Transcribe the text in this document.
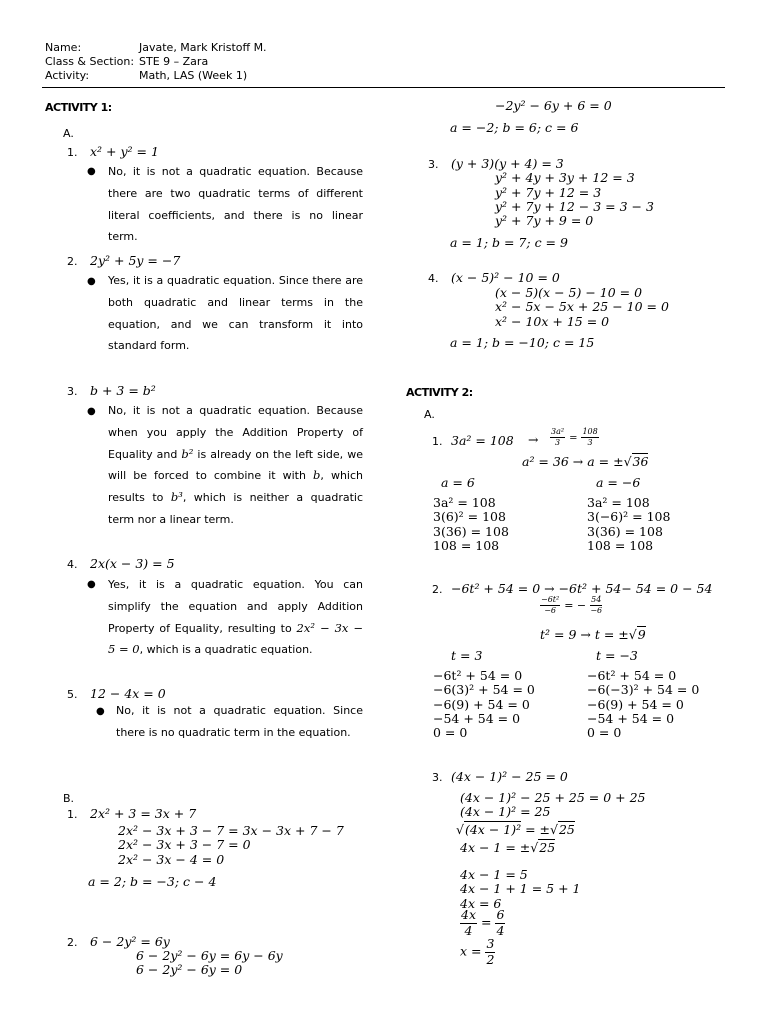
Name:	Javate, Mark Kristoff M.
Class & Section: STE 9 – Zara
Activity:	Math, LAS (Week 1)
ACTIVITY 1:
A.
1. x² + y² = 1
● No, it is not a quadratic equation. Because there are two quadratic terms of different literal coefficients, and there is no linear term.
2. 2y² + 5y = −7
● Yes, it is a quadratic equation. Since there are both quadratic and linear terms in the equation, and we can transform it into standard form.
3. b + 3 = b²
● No, it is not a quadratic equation. Because when you apply the Addition Property of Equality and b² is already on the left side, we will be forced to combine it with b, which results to b³, which is neither a quadratic term nor a linear term.
4. 2x(x − 3) = 5
● Yes, it is a quadratic equation. You can simplify the equation and apply Addition Property of Equality, resulting to 2x² − 3x − 5 = 0, which is a quadratic equation.
5. 12 − 4x = 0
● No, it is not a quadratic equation. Since there is no quadratic term in the equation.
B.
1. 2x² + 3 = 3x + 7
2x² − 3x + 3 − 7 = 3x − 3x + 7 − 7
2x² − 3x + 3 − 7 = 0
2x² − 3x − 4 = 0
a = 2; b = −3; c − 4
2. 6 − 2y² = 6y
6 − 2y² − 6y = 6y − 6y
6 − 2y² − 6y = 0
−2y² − 6y + 6 = 0
a = −2; b = 6; c = 6
3. (y + 3)(y + 4) = 3
y² + 4y + 3y + 12 = 3
y² + 7y + 12 = 3
y² + 7y + 12 − 3 = 3 − 3
y² + 7y + 9 = 0
a = 1; b = 7; c = 9
4. (x − 5)² − 10 = 0
(x − 5)(x − 5) − 10 = 0
x² − 5x − 5x + 25 − 10 = 0
x² − 10x + 15 = 0
a = 1; b = −10; c = 15
ACTIVITY 2:
A.
1. $3a^2 = 108 \to \frac{\text{3a²}}{3} = \frac{108}{3}$
a² = 36 → a = ±√36
a = 6	a = −6
3a² = 108
3(6)² = 108
3(36) = 108
108 = 108
3a² = 108
3(−6)² = 108
3(36) = 108
108 = 108
2. −6t² + 54 = 0 → −6t² + 54− 54 = 0 − 54
$\frac{\text{−6t²}}{-6}$ = − $\frac{54}{-6}$
t² = 9 → t = ±√9
t = 3	t = −3
−6t² + 54 = 0
−6(3)² + 54 = 0
−6(9) + 54 = 0
−54 + 54 = 0
0 = 0
−6t² + 54 = 0
−6(−3)² + 54 = 0
−6(9) + 54 = 0
−54 + 54 = 0
0 = 0
3. (4x − 1)² − 25 = 0
(4x − 1)² − 25 + 25 = 0 + 25
(4x − 1)² = 25
√(4x − 1)² = ±√25
4x − 1 = ±√25
4x − 1 = 5
4x − 1 + 1 = 5 + 1
4x = 6
$\frac{4x}{4} = \frac{6}{4}$
$x = \frac{3}{2}$
